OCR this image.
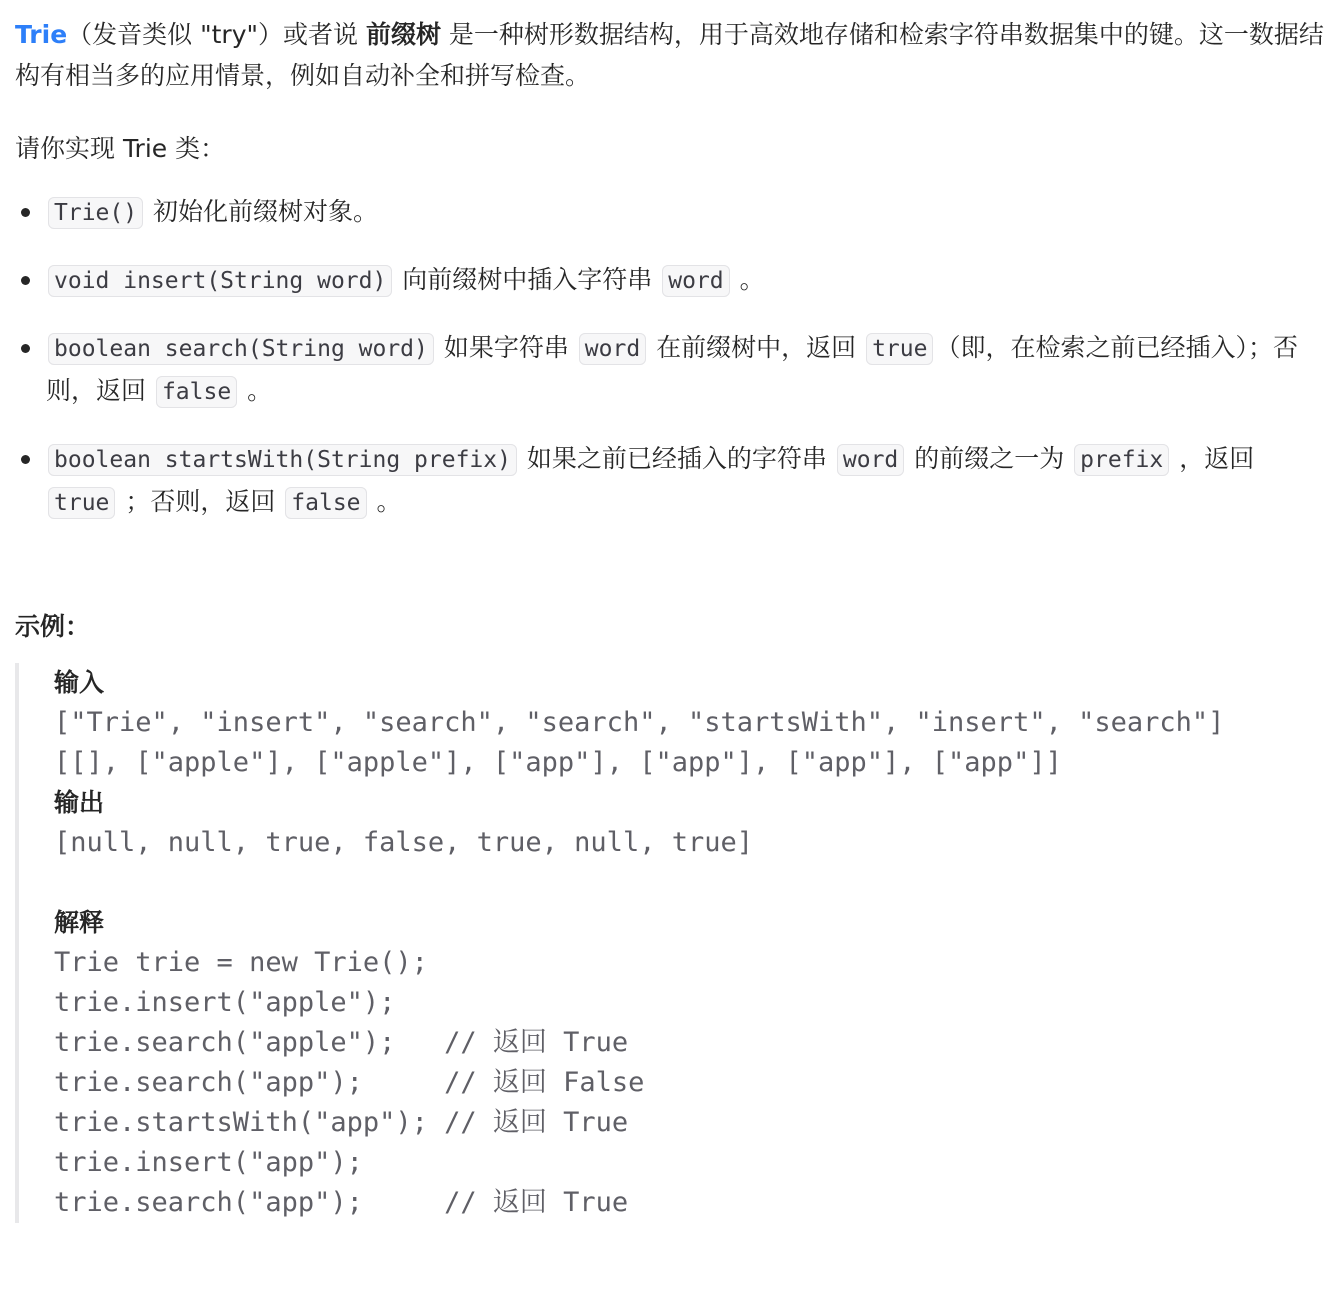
Trie（发音类似 "try"）或者说 前缀树 是一种树形数据结构，用于高效地存储和检索字符串数据集中的键。这一数据结构有相当多的应用情景，例如自动补全和拼写检查。

请你实现 Trie 类：
Trie() 初始化前缀树对象。
void insert(String word) 向前缀树中插入字符串 word 。
boolean search(String word) 如果字符串 word 在前缀树中，返回 true （即，在检索之前已经插入）；否则，返回 false 。
boolean startsWith(String prefix) 如果之前已经插入的字符串 word 的前缀之一为 prefix ，返回 true ；否则，返回 false 。
示例：
输入
["Trie", "insert", "search", "search", "startsWith", "insert", "search"]
[[], ["apple"], ["apple"], ["app"], ["app"], ["app"], ["app"]]
输出
[null, null, true, false, true, null, true]
解释
Trie trie = new Trie();
trie.insert("apple");
trie.search("apple");   // 返回 True
trie.search("app");     // 返回 False
trie.startsWith("app"); // 返回 True
trie.insert("app");
trie.search("app");     // 返回 True
